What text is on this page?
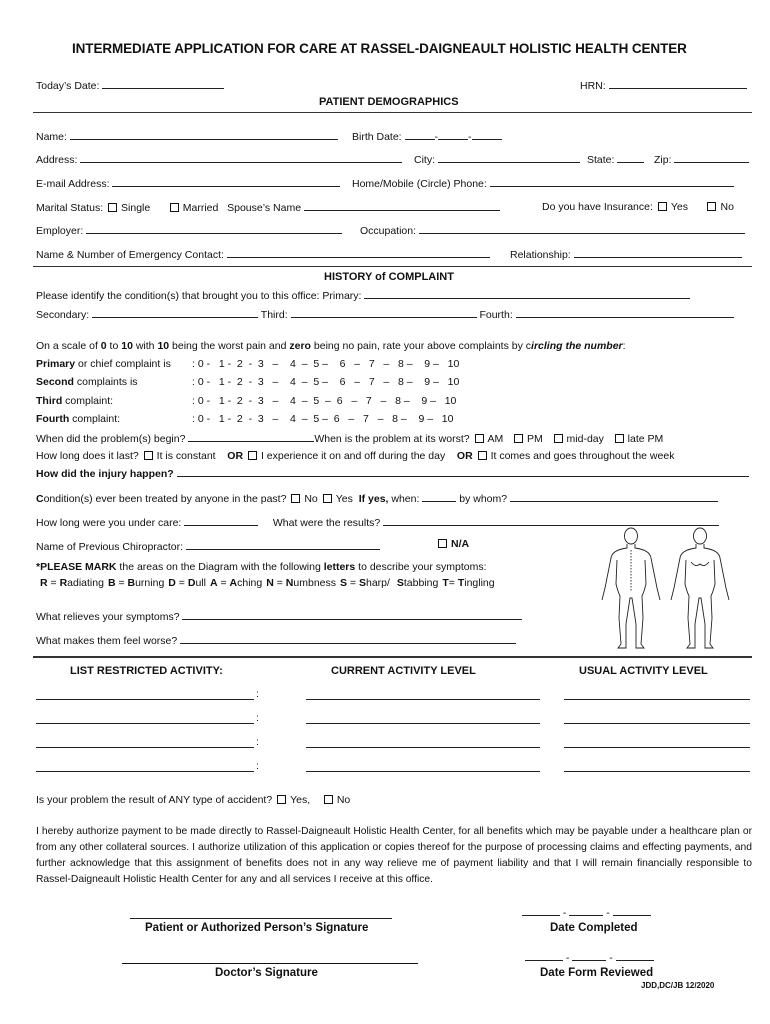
INTERMEDIATE APPLICATION FOR CARE AT RASSEL-DAIGNEAULT HOLISTIC HEALTH CENTER
Today’s Date:	HRN:
PATIENT DEMOGRAPHICS
Name:	Birth Date:	-	-
Address:	City:	State:	Zip:
E-mail Address:	Home/Mobile (Circle) Phone:
Marital Status: Single	Married Spouse’s Name	Do you have Insurance: Yes	No
Employer:	Occupation:
Name & Number of Emergency Contact:	Relationship:
HISTORY of COMPLAINT
Please identify the condition(s) that brought you to this office: Primary:
Secondary:	Third:	Fourth:
On a scale of 0 to 10 with 10 being the worst pain and zero being no pain, rate your above complaints by circling the number:
Primary or chief complaint is : 0 -   1 -  2  -  3   –    4  –  5 –    6   –   7   –   8 –    9 –   10
Second complaints is	: 0 -   1 -  2  -  3   –    4  –  5 –    6   –   7   –   8 –    9 –   10
Third complaint:	: 0 -   1 -  2  -  3   –    4  –  5  –  6   –   7   –   8 –    9 –   10
Fourth complaint:	: 0 -   1 -  2  -  3   –    4  –  5 –  6   –   7   –   8 –    9 –   10
When did the problem(s) begin?	When is the problem at its worst? AM PM mid-day late PM
How long does it last? It is constant OR I experience it on and off during the day OR It comes and goes throughout the week
How did the injury happen?
Condition(s) ever been treated by anyone in the past? No Yes If yes, when:	by whom?
How long were you under care:	What were the results?
Name of Previous Chiropractor:	N/A
*PLEASE MARK the areas on the Diagram with the following letters to describe your symptoms:
R = Radiating B = Burning D = Dull A = Aching N = Numbness S = Sharp/ Stabbing T= Tingling
What relieves your symptoms?
What makes them feel worse?
LIST RESTRICTED ACTIVITY:	CURRENT ACTIVITY LEVEL	USUAL ACTIVITY LEVEL
:
:
:
:
Is your problem the result of ANY type of accident? Yes,	No
I hereby authorize payment to be made directly to Rassel-Daigneault Holistic Health Center, for all benefits which may be payable under a healthcare plan or from any other collateral sources. I authorize utilization of this application or copies thereof for the purpose of processing claims and effecting payments, and further acknowledge that this assignment of benefits does not in any way relieve me of payment liability and that I will remain financially responsible to Rassel-Daigneault Holistic Health Center for any and all services I receive at this office.
Patient or Authorized Person’s Signature
-	-
Date Completed
Doctor’s Signature
-	-
Date Form Reviewed
JDD,DC/JB 12/2020
